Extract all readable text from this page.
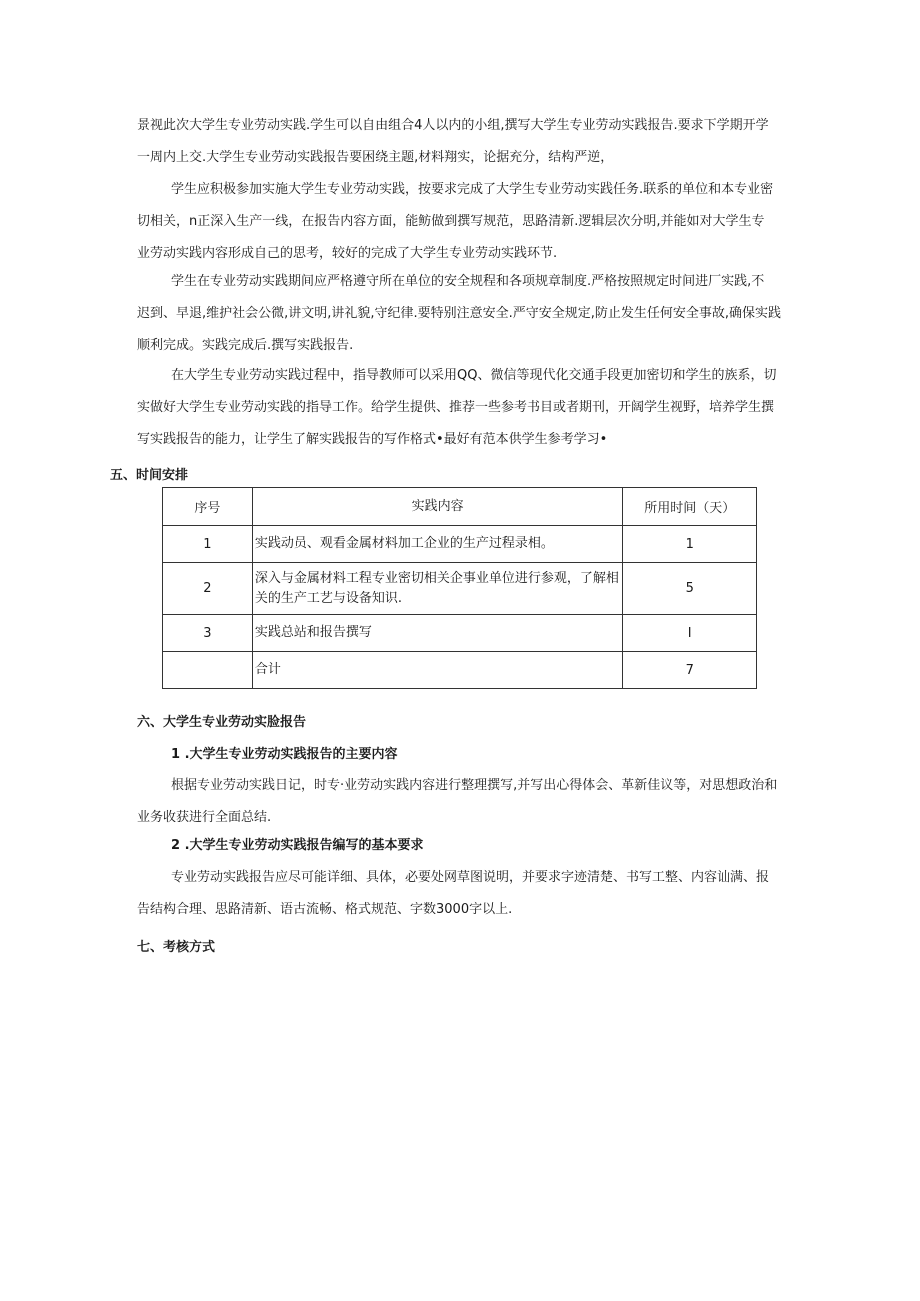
景视此次大学生专业劳动实践.学生可以自由组合4人以内的小组,撰写大学生专业劳动实践报告.要求下学期开学
一周内上交.大学生专业劳动实践报告要困绕主题,材料翔实，论据充分，结构严逆，

学生应积极参加实施大学生专业劳动实践，按要求完成了大学生专业劳动实践任务.联系的单位和本专业密
切相关，n正深入生产一线，在报告内容方面，能鲂做到撰写规范，思路清新.逻辑层次分明,并能如对大学生专
业劳动实践内容形成自己的思考，较好的完成了大学生专业劳动实践环节.

学生在专业劳动实践期间应严格遵守所在单位的安全规程和各项规章制度.严格按照规定时间进厂实践,不
迟到、早退,维护社会公微,讲文明,讲礼貌,守纪律.要特别注意安全.严守安全规定,防止发生任何安全事故,确保实践
顺利完成。实践完成后.撰写实践报告.

在大学生专业劳动实践过程中，指导教师可以采用QQ、微信等现代化交通手段更加密切和学生的族系，切
实做好大学生专业劳动实践的指导工作。给学生提供、推荐一些参考书目或者期刊，开阔学生视野，培养学生撰
写实践报告的能力，让学生了解实践报告的写作格式•最好有范本供学生参考学习•

五、时间安排
序号	实践内容	所用时间（天）
1	实践动员、观看金属材料加工企业的生产过程录相。	1
2	深入与金属材料工程专业密切相关企事业单位进行参观，了解相关的生产工艺与设备知识.	5
3	实践总站和报告撰写	I
	合计	7
六、大学生专业劳动实脸报告
1 .大学生专业劳动实践报告的主要内容

根据专业劳动实践日记，时专·业劳动实践内容进行整理撰写,并写出心得体会、革新佳议等，对思想政治和
业务收获进行全面总结.

2 .大学生专业劳动实践报告编写的基本要求

专业劳动实践报告应尽可能详细、具体，必要处网草图说明，并要求字迹清楚、书写工整、内容讪满、报
告结构合理、思路清新、语古流畅、格式规范、字数3000字以上.

七、考核方式
